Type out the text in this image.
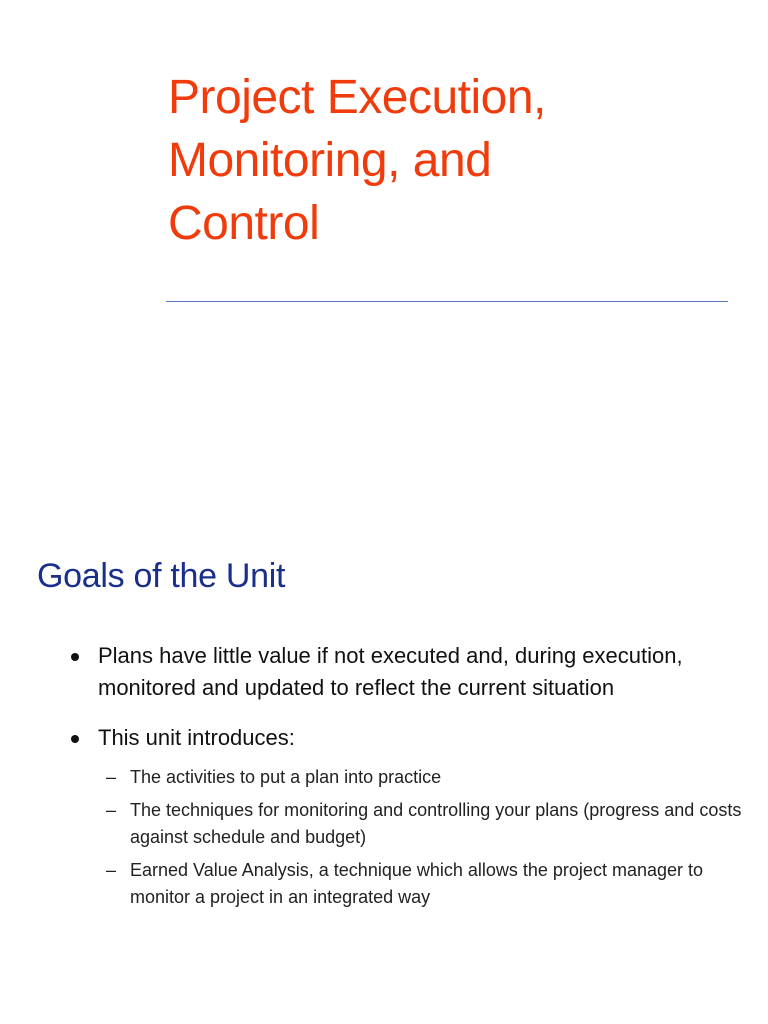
Project Execution,
Monitoring, and
Control
Goals of the Unit
Plans have little value if not executed and, during execution, monitored and updated to reflect the current situation
This unit introduces:
– The activities to put a plan into practice
– The techniques for monitoring and controlling your plans (progress and costs against schedule and budget)
– Earned Value Analysis, a technique which allows the project manager to monitor a project in an integrated way
